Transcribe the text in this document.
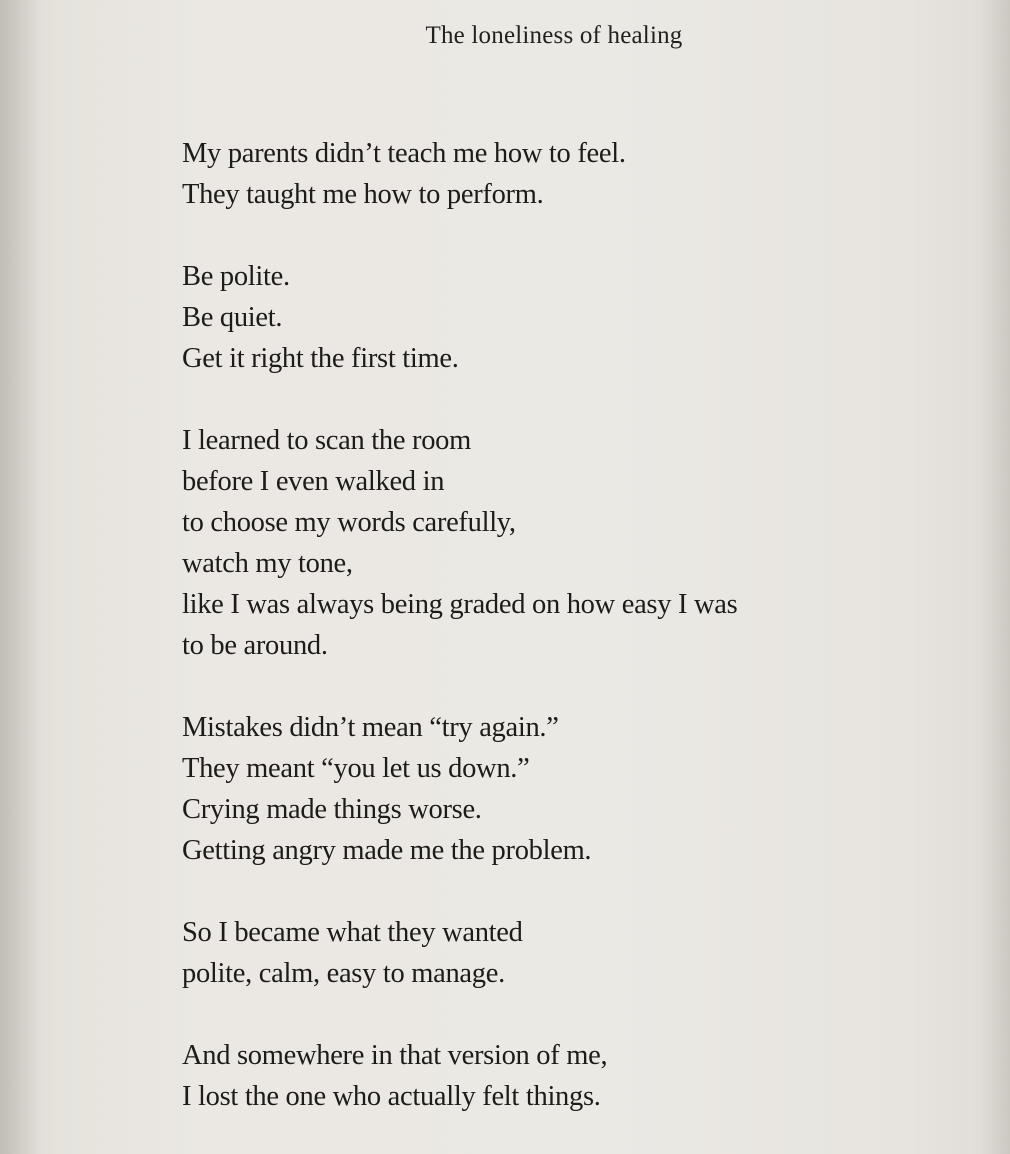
The loneliness of healing
My parents didn’t teach me how to feel.
They taught me how to perform.
Be polite.
Be quiet.
Get it right the first time.
I learned to scan the room
before I even walked in
to choose my words carefully,
watch my tone,
like I was always being graded on how easy I was
to be around.
Mistakes didn’t mean “try again.”
They meant “you let us down.”
Crying made things worse.
Getting angry made me the problem.
So I became what they wanted
polite, calm, easy to manage.
And somewhere in that version of me,
I lost the one who actually felt things.
